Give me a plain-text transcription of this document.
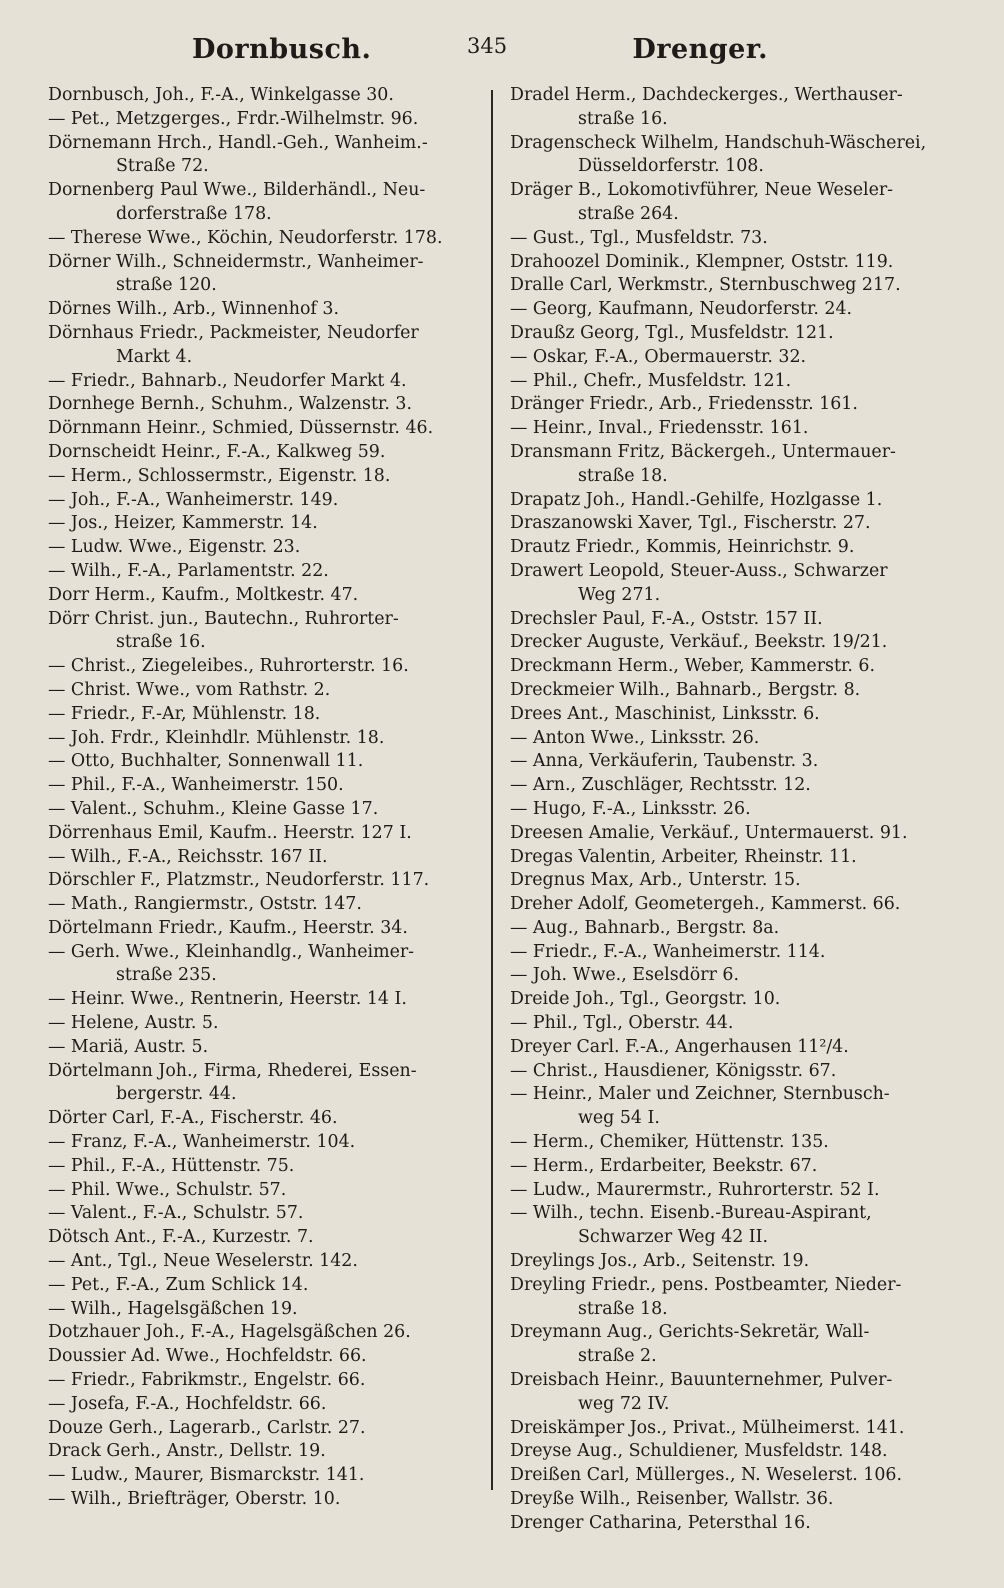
Dornbusch.	345	Drenger.
Dornbusch, Joh., F.-A., Winkelgasse 30.
— Pet., Metzgerges., Frdr.-Wilhelmstr. 96.
Dörnemann Hrch., Handl.-Geh., Wanheim.-
Straße 72.
Dornenberg Paul Wwe., Bilderhändl., Neu-
dorferstraße 178.
— Therese Wwe., Köchin, Neudorferstr. 178.
Dörner Wilh., Schneidermstr., Wanheimer-
straße 120.
Dörnes Wilh., Arb., Winnenhof 3.
Dörnhaus Friedr., Packmeister, Neudorfer
Markt 4.
— Friedr., Bahnarb., Neudorfer Markt 4.
Dornhege Bernh., Schuhm., Walzenstr. 3.
Dörnmann Heinr., Schmied, Düssernstr. 46.
Dornscheidt Heinr., F.-A., Kalkweg 59.
— Herm., Schlossermstr., Eigenstr. 18.
— Joh., F.-A., Wanheimerstr. 149.
— Jos., Heizer, Kammerstr. 14.
— Ludw. Wwe., Eigenstr. 23.
— Wilh., F.-A., Parlamentstr. 22.
Dorr Herm., Kaufm., Moltkestr. 47.
Dörr Christ. jun., Bautechn., Ruhrorter-
straße 16.
— Christ., Ziegeleibes., Ruhrorterstr. 16.
— Christ. Wwe., vom Rathstr. 2.
— Friedr., F.-Ar, Mühlenstr. 18.
— Joh. Frdr., Kleinhdlr. Mühlenstr. 18.
— Otto, Buchhalter, Sonnenwall 11.
— Phil., F.-A., Wanheimerstr. 150.
— Valent., Schuhm., Kleine Gasse 17.
Dörrenhaus Emil, Kaufm.. Heerstr. 127 I.
— Wilh., F.-A., Reichsstr. 167 II.
Dörschler F., Platzmstr., Neudorferstr. 117.
— Math., Rangiermstr., Oststr. 147.
Dörtelmann Friedr., Kaufm., Heerstr. 34.
— Gerh. Wwe., Kleinhandlg., Wanheimer-
straße 235.
— Heinr. Wwe., Rentnerin, Heerstr. 14 I.
— Helene, Austr. 5.
— Mariä, Austr. 5.
Dörtelmann Joh., Firma, Rhederei, Essen-
bergerstr. 44.
Dörter Carl, F.-A., Fischerstr. 46.
— Franz, F.-A., Wanheimerstr. 104.
— Phil., F.-A., Hüttenstr. 75.
— Phil. Wwe., Schulstr. 57.
— Valent., F.-A., Schulstr. 57.
Dötsch Ant., F.-A., Kurzestr. 7.
— Ant., Tgl., Neue Weselerstr. 142.
— Pet., F.-A., Zum Schlick 14.
— Wilh., Hagelsgäßchen 19.
Dotzhauer Joh., F.-A., Hagelsgäßchen 26.
Doussier Ad. Wwe., Hochfeldstr. 66.
— Friedr., Fabrikmstr., Engelstr. 66.
— Josefa, F.-A., Hochfeldstr. 66.
Douze Gerh., Lagerarb., Carlstr. 27.
Drack Gerh., Anstr., Dellstr. 19.
— Ludw., Maurer, Bismarckstr. 141.
— Wilh., Briefträger, Oberstr. 10.
Dradel Herm., Dachdeckerges., Werthauser-
straße 16.
Dragenscheck Wilhelm, Handschuh-Wäscherei,
Düsseldorferstr. 108.
Dräger B., Lokomotivführer, Neue Weseler-
straße 264.
— Gust., Tgl., Musfeldstr. 73.
Drahoozel Dominik., Klempner, Oststr. 119.
Dralle Carl, Werkmstr., Sternbuschweg 217.
— Georg, Kaufmann, Neudorferstr. 24.
Draußz Georg, Tgl., Musfeldstr. 121.
— Oskar, F.-A., Obermauerstr. 32.
— Phil., Chefr., Musfeldstr. 121.
Dränger Friedr., Arb., Friedensstr. 161.
— Heinr., Inval., Friedensstr. 161.
Dransmann Fritz, Bäckergeh., Untermauer-
straße 18.
Drapatz Joh., Handl.-Gehilfe, Hozlgasse 1.
Draszanowski Xaver, Tgl., Fischerstr. 27.
Drautz Friedr., Kommis, Heinrichstr. 9.
Drawert Leopold, Steuer-Auss., Schwarzer
Weg 271.
Drechsler Paul, F.-A., Oststr. 157 II.
Drecker Auguste, Verkäuf., Beekstr. 19/21.
Dreckmann Herm., Weber, Kammerstr. 6.
Dreckmeier Wilh., Bahnarb., Bergstr. 8.
Drees Ant., Maschinist, Linksstr. 6.
— Anton Wwe., Linksstr. 26.
— Anna, Verkäuferin, Taubenstr. 3.
— Arn., Zuschläger, Rechtsstr. 12.
— Hugo, F.-A., Linksstr. 26.
Dreesen Amalie, Verkäuf., Untermauerst. 91.
Dregas Valentin, Arbeiter, Rheinstr. 11.
Dregnus Max, Arb., Unterstr. 15.
Dreher Adolf, Geometergeh., Kammerst. 66.
— Aug., Bahnarb., Bergstr. 8a.
— Friedr., F.-A., Wanheimerstr. 114.
— Joh. Wwe., Eselsdörr 6.
Dreide Joh., Tgl., Georgstr. 10.
— Phil., Tgl., Oberstr. 44.
Dreyer Carl. F.-A., Angerhausen 11²/4.
— Christ., Hausdiener, Königsstr. 67.
— Heinr., Maler und Zeichner, Sternbusch-
weg 54 I.
— Herm., Chemiker, Hüttenstr. 135.
— Herm., Erdarbeiter, Beekstr. 67.
— Ludw., Maurermstr., Ruhrorterstr. 52 I.
— Wilh., techn. Eisenb.-Bureau-Aspirant,
Schwarzer Weg 42 II.
Dreylings Jos., Arb., Seitenstr. 19.
Dreyling Friedr., pens. Postbeamter, Nieder-
straße 18.
Dreymann Aug., Gerichts-Sekretär, Wall-
straße 2.
Dreisbach Heinr., Bauunternehmer, Pulver-
weg 72 IV.
Dreiskämper Jos., Privat., Mülheimerst. 141.
Dreyse Aug., Schuldiener, Musfeldstr. 148.
Dreißen Carl, Müllerges., N. Weselerst. 106.
Dreyße Wilh., Reisenber, Wallstr. 36.
Drenger Catharina, Petersthal 16.
